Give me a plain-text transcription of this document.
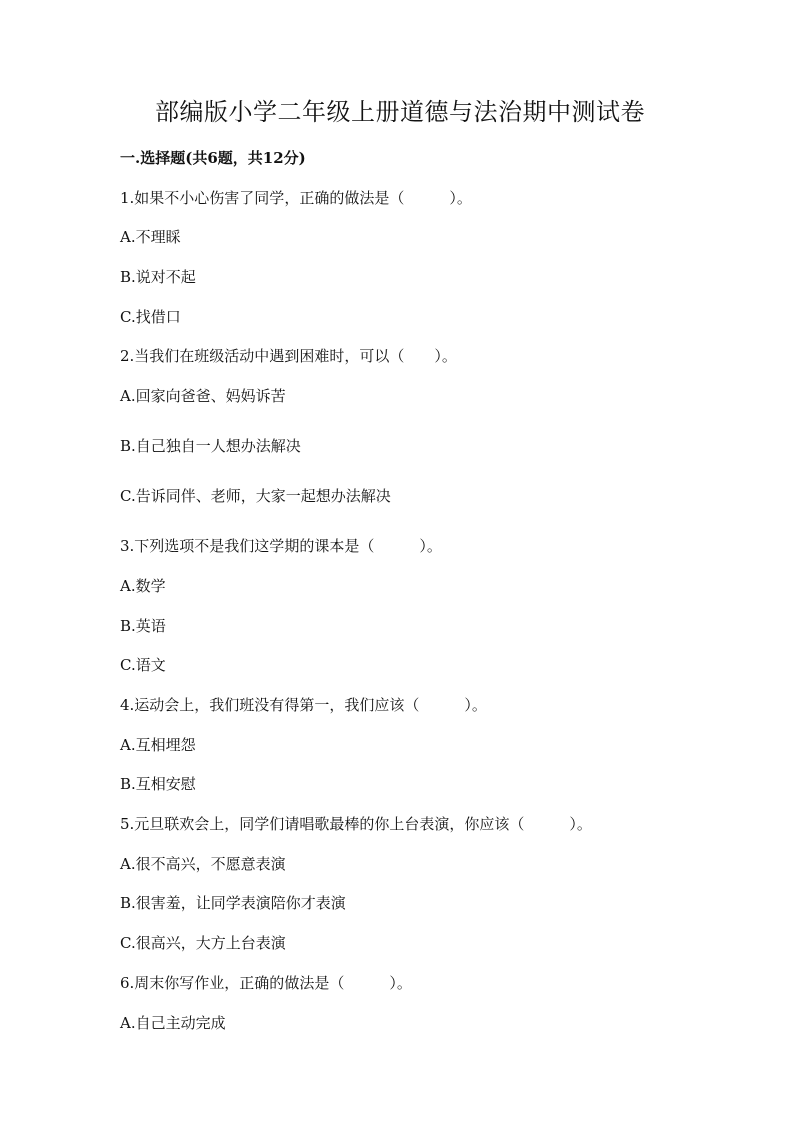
部编版小学二年级上册道德与法治期中测试卷
一.选择题(共6题，共12分)
1.如果不小心伤害了同学，正确的做法是（　　　）。
A.不理睬
B.说对不起
C.找借口
2.当我们在班级活动中遇到困难时，可以（　　）。
A.回家向爸爸、妈妈诉苦
B.自己独自一人想办法解决
C.告诉同伴、老师，大家一起想办法解决
3.下列选项不是我们这学期的课本是（　　　）。
A.数学
B.英语
C.语文
4.运动会上，我们班没有得第一，我们应该（　　　）。
A.互相埋怨
B.互相安慰
5.元旦联欢会上，同学们请唱歌最棒的你上台表演，你应该（　　　）。
A.很不高兴，不愿意表演
B.很害羞，让同学表演陪你才表演
C.很高兴，大方上台表演
6.周末你写作业，正确的做法是（　　　）。
A.自己主动完成
